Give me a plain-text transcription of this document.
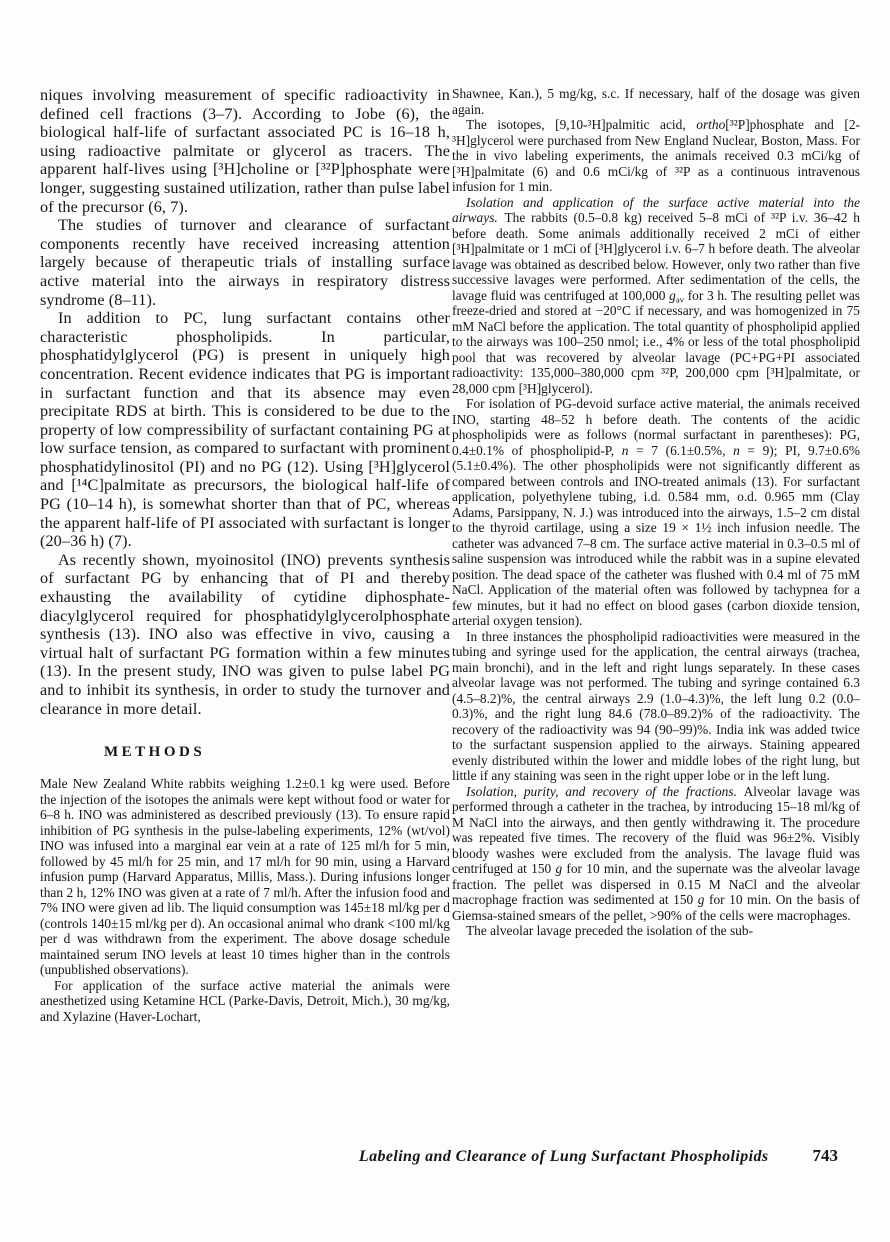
niques involving measurement of specific radioactivity in defined cell fractions (3–7). According to Jobe (6), the biological half-life of surfactant associated PC is 16–18 h, using radioactive palmitate or glycerol as tracers. The apparent half-lives using [³H]choline or [³²P]phosphate were longer, suggesting sustained utilization, rather than pulse label of the precursor (6, 7).

The studies of turnover and clearance of surfactant components recently have received increasing attention largely because of therapeutic trials of installing surface active material into the airways in respiratory distress syndrome (8–11).

In addition to PC, lung surfactant contains other characteristic phospholipids. In particular, phosphatidylglycerol (PG) is present in uniquely high concentration. Recent evidence indicates that PG is important in surfactant function and that its absence may even precipitate RDS at birth. This is considered to be due to the property of low compressibility of surfactant containing PG at low surface tension, as compared to surfactant with prominent phosphatidylinositol (PI) and no PG (12). Using [³H]glycerol and [¹⁴C]palmitate as precursors, the biological half-life of PG (10–14 h), is somewhat shorter than that of PC, whereas the apparent half-life of PI associated with surfactant is longer (20–36 h) (7).

As recently shown, myoinositol (INO) prevents synthesis of surfactant PG by enhancing that of PI and thereby exhausting the availability of cytidine diphosphate-diacylglycerol required for phosphatidylglycerolphosphate synthesis (13). INO also was effective in vivo, causing a virtual halt of surfactant PG formation within a few minutes (13). In the present study, INO was given to pulse label PG and to inhibit its synthesis, in order to study the turnover and clearance in more detail.

METHODS

Male New Zealand White rabbits weighing 1.2±0.1 kg were used. Before the injection of the isotopes the animals were kept without food or water for 6–8 h. INO was administered as described previously (13). To ensure rapid inhibition of PG synthesis in the pulse-labeling experiments, 12% (wt/vol) INO was infused into a marginal ear vein at a rate of 125 ml/h for 5 min, followed by 45 ml/h for 25 min, and 17 ml/h for 90 min, using a Harvard infusion pump (Harvard Apparatus, Millis, Mass.). During infusions longer than 2 h, 12% INO was given at a rate of 7 ml/h. After the infusion food and 7% INO were given ad lib. The liquid consumption was 145±18 ml/kg per d (controls 140±15 ml/kg per d). An occasional animal who drank <100 ml/kg per d was withdrawn from the experiment. The above dosage schedule maintained serum INO levels at least 10 times higher than in the controls (unpublished observations).

For application of the surface active material the animals were anesthetized using Ketamine HCL (Parke-Davis, Detroit, Mich.), 30 mg/kg, and Xylazine (Haver-Lochart,

Shawnee, Kan.), 5 mg/kg, s.c. If necessary, half of the dosage was given again.

The isotopes, [9,10-³H]palmitic acid, ortho[³²P]phosphate and [2-³H]glycerol were purchased from New England Nuclear, Boston, Mass. For the in vivo labeling experiments, the animals received 0.3 mCi/kg of [³H]palmitate (6) and 0.6 mCi/kg of ³²P as a continuous intravenous infusion for 1 min.

Isolation and application of the surface active material into the airways. The rabbits (0.5–0.8 kg) received 5–8 mCi of ³²P i.v. 36–42 h before death. Some animals additionally received 2 mCi of either [³H]palmitate or 1 mCi of [³H]glycerol i.v. 6–7 h before death. The alveolar lavage was obtained as described below. However, only two rather than five successive lavages were performed. After sedimentation of the cells, the lavage fluid was centrifuged at 100,000 gav for 3 h. The resulting pellet was freeze-dried and stored at −20°C if necessary, and was homogenized in 75 mM NaCl before the application. The total quantity of phospholipid applied to the airways was 100–250 nmol; i.e., 4% or less of the total phospholipid pool that was recovered by alveolar lavage (PC+PG+PI associated radioactivity: 135,000–380,000 cpm ³²P, 200,000 cpm [³H]palmitate, or 28,000 cpm [³H]glycerol).

For isolation of PG-devoid surface active material, the animals received INO, starting 48–52 h before death. The contents of the acidic phospholipids were as follows (normal surfactant in parentheses): PG, 0.4±0.1% of phospholipid-P, n = 7 (6.1±0.5%, n = 9); PI, 9.7±0.6% (5.1±0.4%). The other phospholipids were not significantly different as compared between controls and INO-treated animals (13). For surfactant application, polyethylene tubing, i.d. 0.584 mm, o.d. 0.965 mm (Clay Adams, Parsippany, N. J.) was introduced into the airways, 1.5–2 cm distal to the thyroid cartilage, using a size 19 × 1½ inch infusion needle. The catheter was advanced 7–8 cm. The surface active material in 0.3–0.5 ml of saline suspension was introduced while the rabbit was in a supine elevated position. The dead space of the catheter was flushed with 0.4 ml of 75 mM NaCl. Application of the material often was followed by tachypnea for a few minutes, but it had no effect on blood gases (carbon dioxide tension, arterial oxygen tension).

In three instances the phospholipid radioactivities were measured in the tubing and syringe used for the application, the central airways (trachea, main bronchi), and in the left and right lungs separately. In these cases alveolar lavage was not performed. The tubing and syringe contained 6.3 (4.5–8.2)%, the central airways 2.9 (1.0–4.3)%, the left lung 0.2 (0.0–0.3)%, and the right lung 84.6 (78.0–89.2)% of the radioactivity. The recovery of the radioactivity was 94 (90–99)%. India ink was added twice to the surfactant suspension applied to the airways. Staining appeared evenly distributed within the lower and middle lobes of the right lung, but little if any staining was seen in the right upper lobe or in the left lung.

Isolation, purity, and recovery of the fractions. Alveolar lavage was performed through a catheter in the trachea, by introducing 15–18 ml/kg of M NaCl into the airways, and then gently withdrawing it. The procedure was repeated five times. The recovery of the fluid was 96±2%. Visibly bloody washes were excluded from the analysis. The lavage fluid was centrifuged at 150 g for 10 min, and the supernate was the alveolar lavage fraction. The pellet was dispersed in 0.15 M NaCl and the alveolar macrophage fraction was sedimented at 150 g for 10 min. On the basis of Giemsa-stained smears of the pellet, >90% of the cells were macrophages.

The alveolar lavage preceded the isolation of the sub-

Labeling and Clearance of Lung Surfactant Phospholipids	743
